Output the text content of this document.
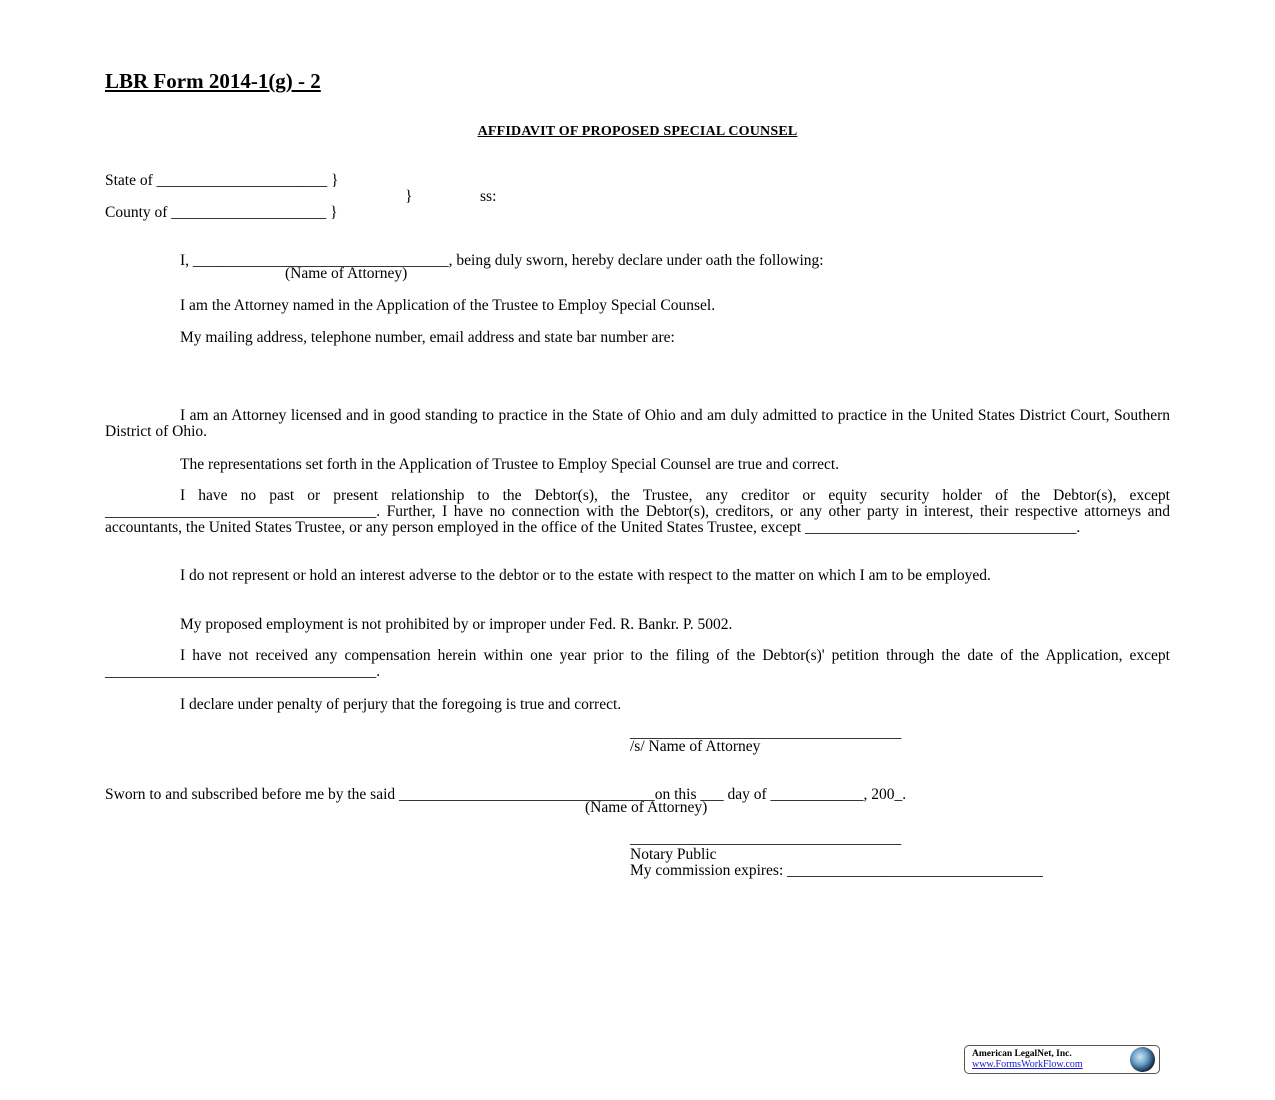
LBR Form 2014-1(g) - 2
AFFIDAVIT OF PROPOSED SPECIAL COUNSEL
State of ______________________ }
}	ss:
County of ____________________ }
I, _________________________________, being duly sworn, hereby declare under oath the following:
(Name of Attorney)
I am the Attorney named in the Application of the Trustee to Employ Special Counsel.
My mailing address, telephone number, email address and state bar number are:
I am an Attorney licensed and in good standing to practice in the State of Ohio and am duly admitted to practice in the United States District Court, Southern District of Ohio.
The representations set forth in the Application of Trustee to Employ Special Counsel are true and correct.
I have no past or present relationship to the Debtor(s), the Trustee, any creditor or equity security holder of the Debtor(s), except ___________________________________. Further, I have no connection with the Debtor(s), creditors, or any other party in interest, their respective attorneys and accountants, the United States Trustee, or any person employed in the office of the United States Trustee, except ___________________________________.
I do not represent or hold an interest adverse to the debtor or to the estate with respect to the matter on which I am to be employed.
My proposed employment is not prohibited by or improper under Fed. R. Bankr. P. 5002.
I have not received any compensation herein within one year prior to the filing of the Debtor(s)' petition through the date of the Application, except ___________________________________.
I declare under penalty of perjury that the foregoing is true and correct.
___________________________________
/s/ Name of Attorney
Sworn to and subscribed before me by the said _________________________________on this ___ day of ____________, 200_.
(Name of Attorney)
___________________________________
Notary Public
My commission expires: _________________________________
American LegalNet, Inc.
www.FormsWorkFlow.com
